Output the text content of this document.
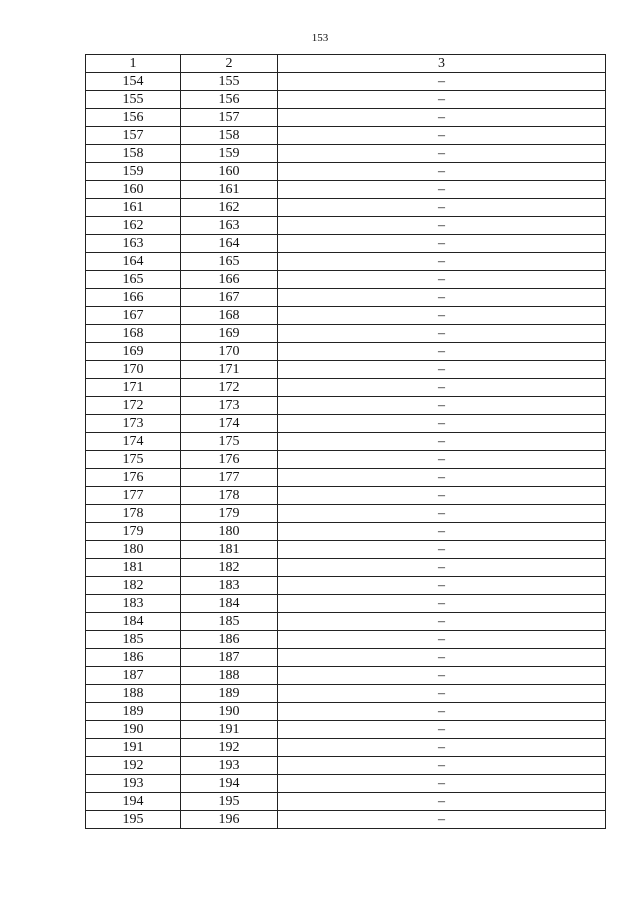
153
1	2	3
154	155	–
155	156	–
156	157	–
157	158	–
158	159	–
159	160	–
160	161	–
161	162	–
162	163	–
163	164	–
164	165	–
165	166	–
166	167	–
167	168	–
168	169	–
169	170	–
170	171	–
171	172	–
172	173	–
173	174	–
174	175	–
175	176	–
176	177	–
177	178	–
178	179	–
179	180	–
180	181	–
181	182	–
182	183	–
183	184	–
184	185	–
185	186	–
186	187	–
187	188	–
188	189	–
189	190	–
190	191	–
191	192	–
192	193	–
193	194	–
194	195	–
195	196	–
